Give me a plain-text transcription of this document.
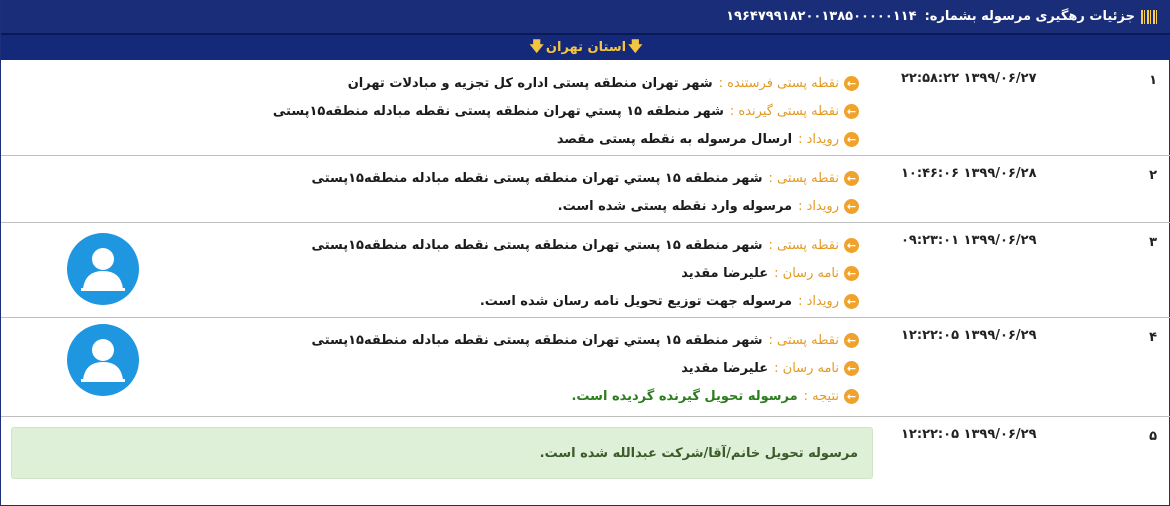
جزئیات رهگیری مرسوله بشماره:
۱۹۶۴۷۹۹۱۸۲۰۰۱۳۸۵۰۰۰۰۰۱۱۴
🡇
استان تهران
🡇
۱
۲۲:۵۸:۲۲ ۱۳۹۹/۰۶/۲۷
←
نقطه پستی فرستنده :
شهر تهران منطقه پستی اداره کل تجزیه و مبادلات تهران
←
نقطه پستی گیرنده :
شهر منطقه ۱۵ پستي تهران منطقه پستی نقطه مبادله منطقه۱۵پستی
←
رویداد :
ارسال مرسوله به نقطه پستی مقصد
۲
۱۰:۴۶:۰۶ ۱۳۹۹/۰۶/۲۸
←
نقطه پستی :
شهر منطقه ۱۵ پستي تهران منطقه پستی نقطه مبادله منطقه۱۵پستی
←
رویداد :
مرسوله وارد نقطه پستی شده است.
۳
۰۹:۲۳:۰۱ ۱۳۹۹/۰۶/۲۹
←
نقطه پستی :
شهر منطقه ۱۵ پستي تهران منطقه پستی نقطه مبادله منطقه۱۵پستی
←
نامه رسان :
علیرضا مقدید
←
رویداد :
مرسوله جهت توزیع تحویل نامه رسان شده است.
۴
۱۲:۲۲:۰۵ ۱۳۹۹/۰۶/۲۹
←
نقطه پستی :
شهر منطقه ۱۵ پستي تهران منطقه پستی نقطه مبادله منطقه۱۵پستی
←
نامه رسان :
علیرضا مقدید
←
نتیجه :
مرسوله تحویل گیرنده گردیده است.
۵
۱۲:۲۲:۰۵ ۱۳۹۹/۰۶/۲۹
مرسوله تحویل خانم/آقا/شرکت عبدالله شده است.
